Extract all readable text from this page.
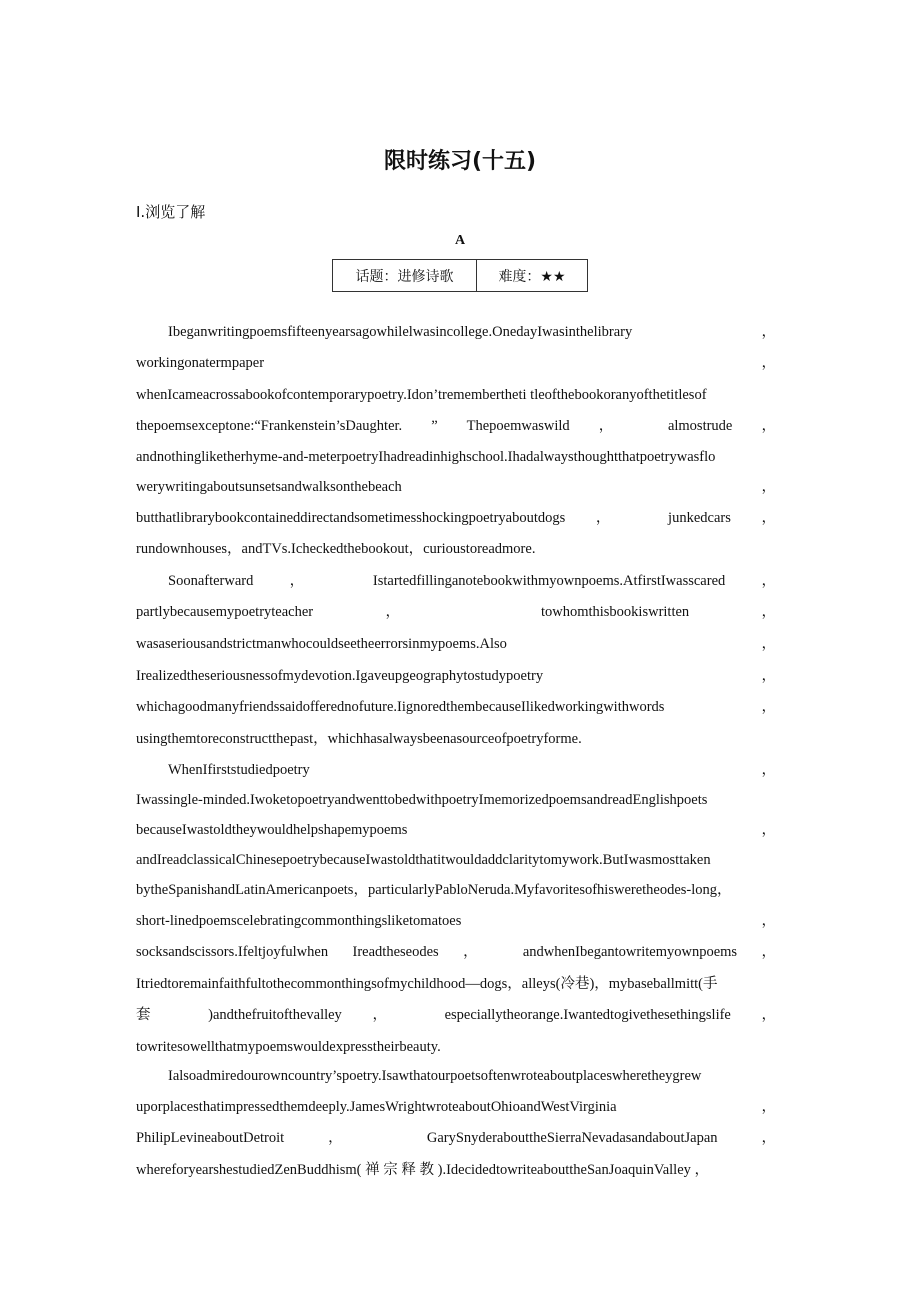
限时练习(十五)
Ⅰ.浏览了解
A
话题：进修诗歌	难度：★★
Ibeganwritingpoemsfifteenyearsagowhilelwasincollege.OnedayIwasinthelibrary ，
workingonatermpaper ，
whenIcameacrossabookofcontemporarypoetry.Idon’tremembertheti tleofthebookoranyofthetitlesof
thepoemsexceptone:“Frankenstein’sDaughter. ” Thepoemwaswild ， almostrude ，
andnothingliketherhyme-and-meterpoetryIhadreadinhighschool.Ihadalwaysthoughtthatpoetrywasflo
werywritingaboutsunsetsandwalksonthebeach ，
butthatlibrarybookcontaineddirectandsometimesshockingpoetryaboutdogs ， junkedcars ，
rundownhouses，andTVs.Icheckedthebookout，curioustoreadmore.
Soonafterward ， Istartedfillinganotebookwithmyownpoems.AtfirstIwasscared ，
partlybecausemypoetryteacher ， towhomthisbookiswritten ，
wasaseriousandstrictmanwhocouldseetheerrorsinmypoems.Also ，
Irealizedtheseriousnessofmydevotion.Igaveupgeographytostudypoetry ，
whichagoodmanyfriendssaidofferednofuture.IignoredthembecauseIlikedworkingwithwords ，
usingthemtoreconstructthepast，whichhasalwaysbeenasourceofpoetryforme.
WhenIfirststudiedpoetry ，
Iwassingle-minded.IwoketopoetryandwenttobedwithpoetryImemorizedpoemsandreadEnglishpoets
becauseIwastoldtheywouldhelpshapemypoems ，
andIreadclassicalChinesepoetrybecauseIwastoldthatitwouldaddclaritytomywork.ButIwasmosttaken
bytheSpanishandLatinAmericanpoets，particularlyPabloNeruda.Myfavoritesofhisweretheodes-long，
short-linedpoemscelebratingcommonthingsliketomatoes ，
socksandscissors.Ifeltjoyfulwhen Ireadtheseodes ， andwhenIbegantowritemyownpoems ，
Itriedtoremainfaithfultothecommonthingsofmychildhood—dogs，alleys(冷巷)，mybaseballmitt(手
套 )andthefruitofthevalley ， especiallytheorange.Iwantedtogivethesethingslife ，
towritesowellthatmypoemswouldexpresstheirbeauty.
Ialsoadmiredourowncountry’spoetry.Isawthatourpoetsoftenwroteaboutplaceswheretheygrew
uporplacesthatimpressedthemdeeply.JamesWrightwroteaboutOhioandWestVirginia ，
PhilipLevineaboutDetroit ， GarySnyderabouttheSierraNevadasandaboutJapan ，
whereforyearshestudiedZenBuddhism( 禅 宗 释 教 ).IdecidedtowriteabouttheSanJoaquinValley ，
